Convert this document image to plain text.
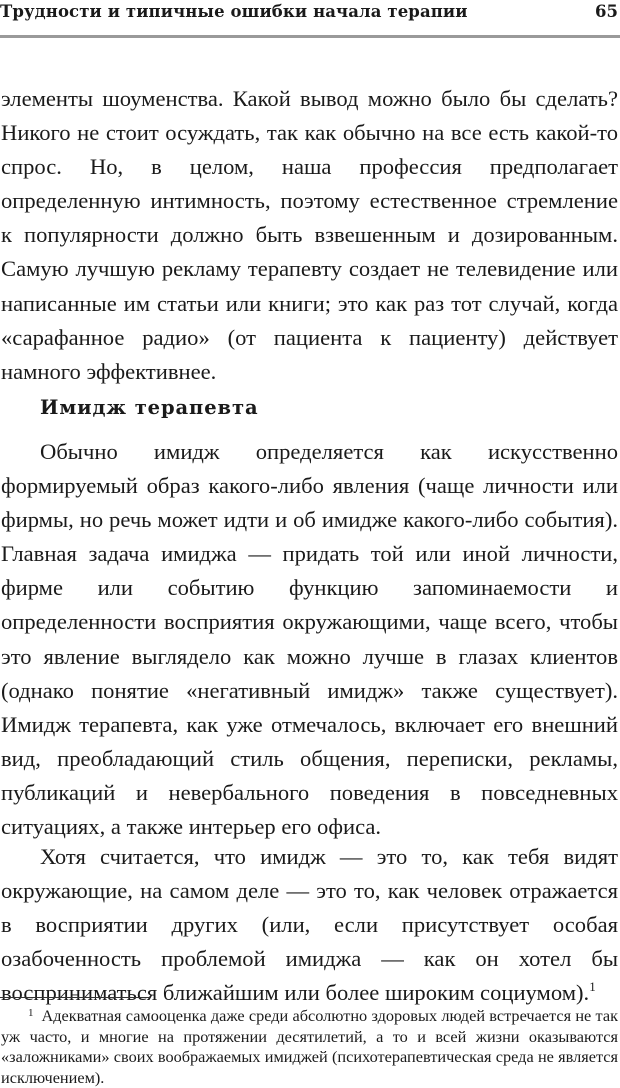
Трудности и типичные ошибки начала терапии	65

элементы шоуменства. Какой вывод можно было бы сделать? Никого не стоит осуждать, так как обычно на все есть какой-то спрос. Но, в целом, наша профессия предполагает определенную интимность, поэтому естественное стремление к популярности должно быть взвешенным и дозированным. Самую лучшую рекламу терапевту создает не телевидение или написанные им статьи или книги; это как раз тот случай, когда «сарафанное радио» (от пациента к пациенту) действует намного эффективнее.

Имидж терапевта

Обычно имидж определяется как искусственно формируемый образ какого-либо явления (чаще личности или фирмы, но речь может идти и об имидже какого-либо события). Главная задача имиджа — придать той или иной личности, фирме или событию функцию запоминаемости и определенности восприятия окружающими, чаще всего, чтобы это явление выглядело как можно лучше в глазах клиентов (однако понятие «негативный имидж» также существует). Имидж терапевта, как уже отмечалось, включает его внешний вид, преобладающий стиль общения, переписки, рекламы, публикаций и невербального поведения в повседневных ситуациях, а также интерьер его офиса.

Хотя считается, что имидж — это то, как тебя видят окружающие, на самом деле — это то, как человек отражается в восприятии других (или, если присутствует особая озабоченность проблемой имиджа — как он хотел бы восприниматься ближайшим или более широким социумом).$^1$

$^1$ Адекватная самооценка даже среди абсолютно здоровых людей встречается не так уж часто, и многие на протяжении десятилетий, а то и всей жизни оказываются «заложниками» своих воображаемых имиджей (психотерапевтическая среда не является исключением).
